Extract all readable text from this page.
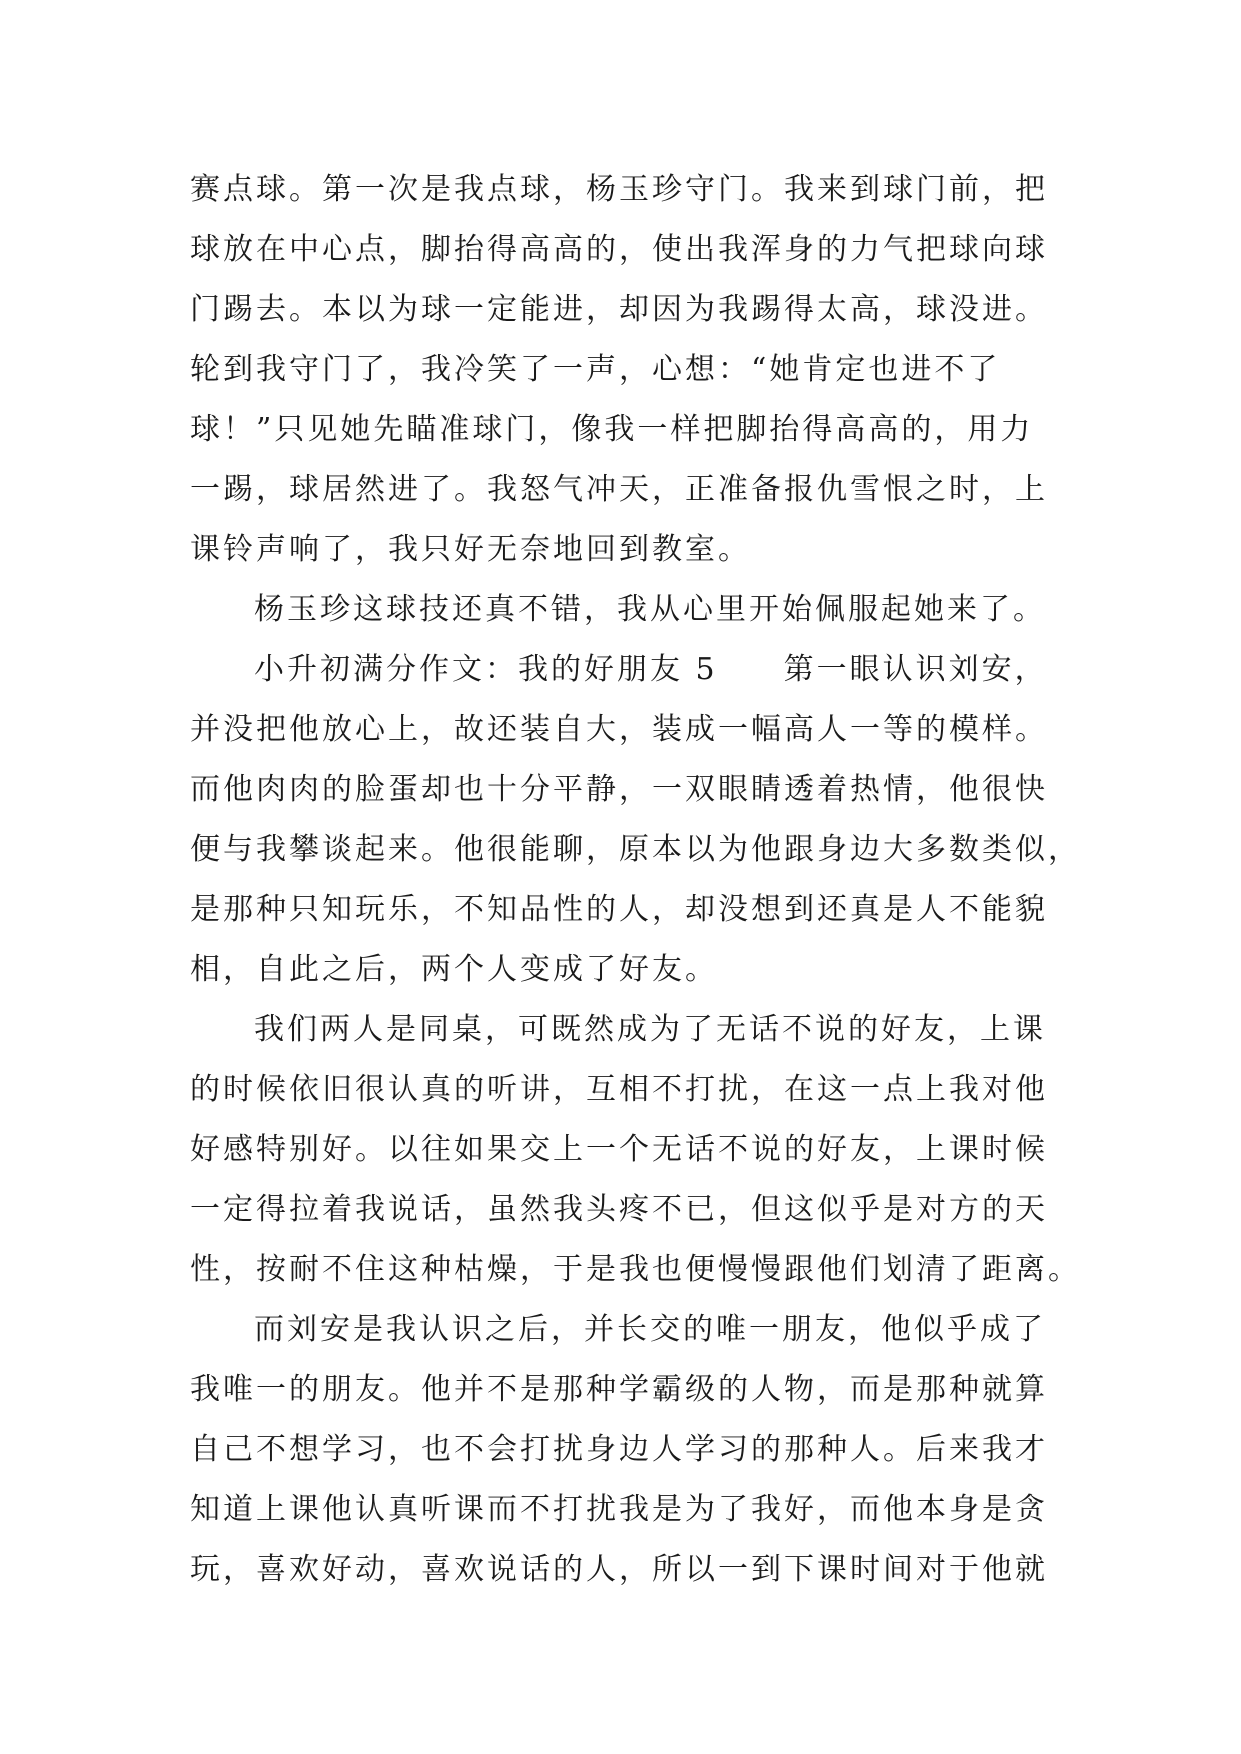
赛点球。第一次是我点球，杨玉珍守门。我来到球门前，把
球放在中心点，脚抬得高高的，使出我浑身的力气把球向球
门踢去。本以为球一定能进，却因为我踢得太高，球没进。
轮到我守门了，我冷笑了一声，心想：“她肯定也进不了
球！”只见她先瞄准球门，像我一样把脚抬得高高的，用力
一踢，球居然进了。我怒气冲天，正准备报仇雪恨之时，上
课铃声响了，我只好无奈地回到教室。
杨玉珍这球技还真不错，我从心里开始佩服起她来了。
小升初满分作文：我的好朋友 5　　第一眼认识刘安，
并没把他放心上，故还装自大，装成一幅高人一等的模样。
而他肉肉的脸蛋却也十分平静，一双眼睛透着热情，他很快
便与我攀谈起来。他很能聊，原本以为他跟身边大多数类似，
是那种只知玩乐，不知品性的人，却没想到还真是人不能貌
相，自此之后，两个人变成了好友。
我们两人是同桌，可既然成为了无话不说的好友，上课
的时候依旧很认真的听讲，互相不打扰，在这一点上我对他
好感特别好。以往如果交上一个无话不说的好友，上课时候
一定得拉着我说话，虽然我头疼不已，但这似乎是对方的天
性，按耐不住这种枯燥，于是我也便慢慢跟他们划清了距离。
而刘安是我认识之后，并长交的唯一朋友，他似乎成了
我唯一的朋友。他并不是那种学霸级的人物，而是那种就算
自己不想学习，也不会打扰身边人学习的那种人。后来我才
知道上课他认真听课而不打扰我是为了我好，而他本身是贪
玩，喜欢好动，喜欢说话的人，所以一到下课时间对于他就
